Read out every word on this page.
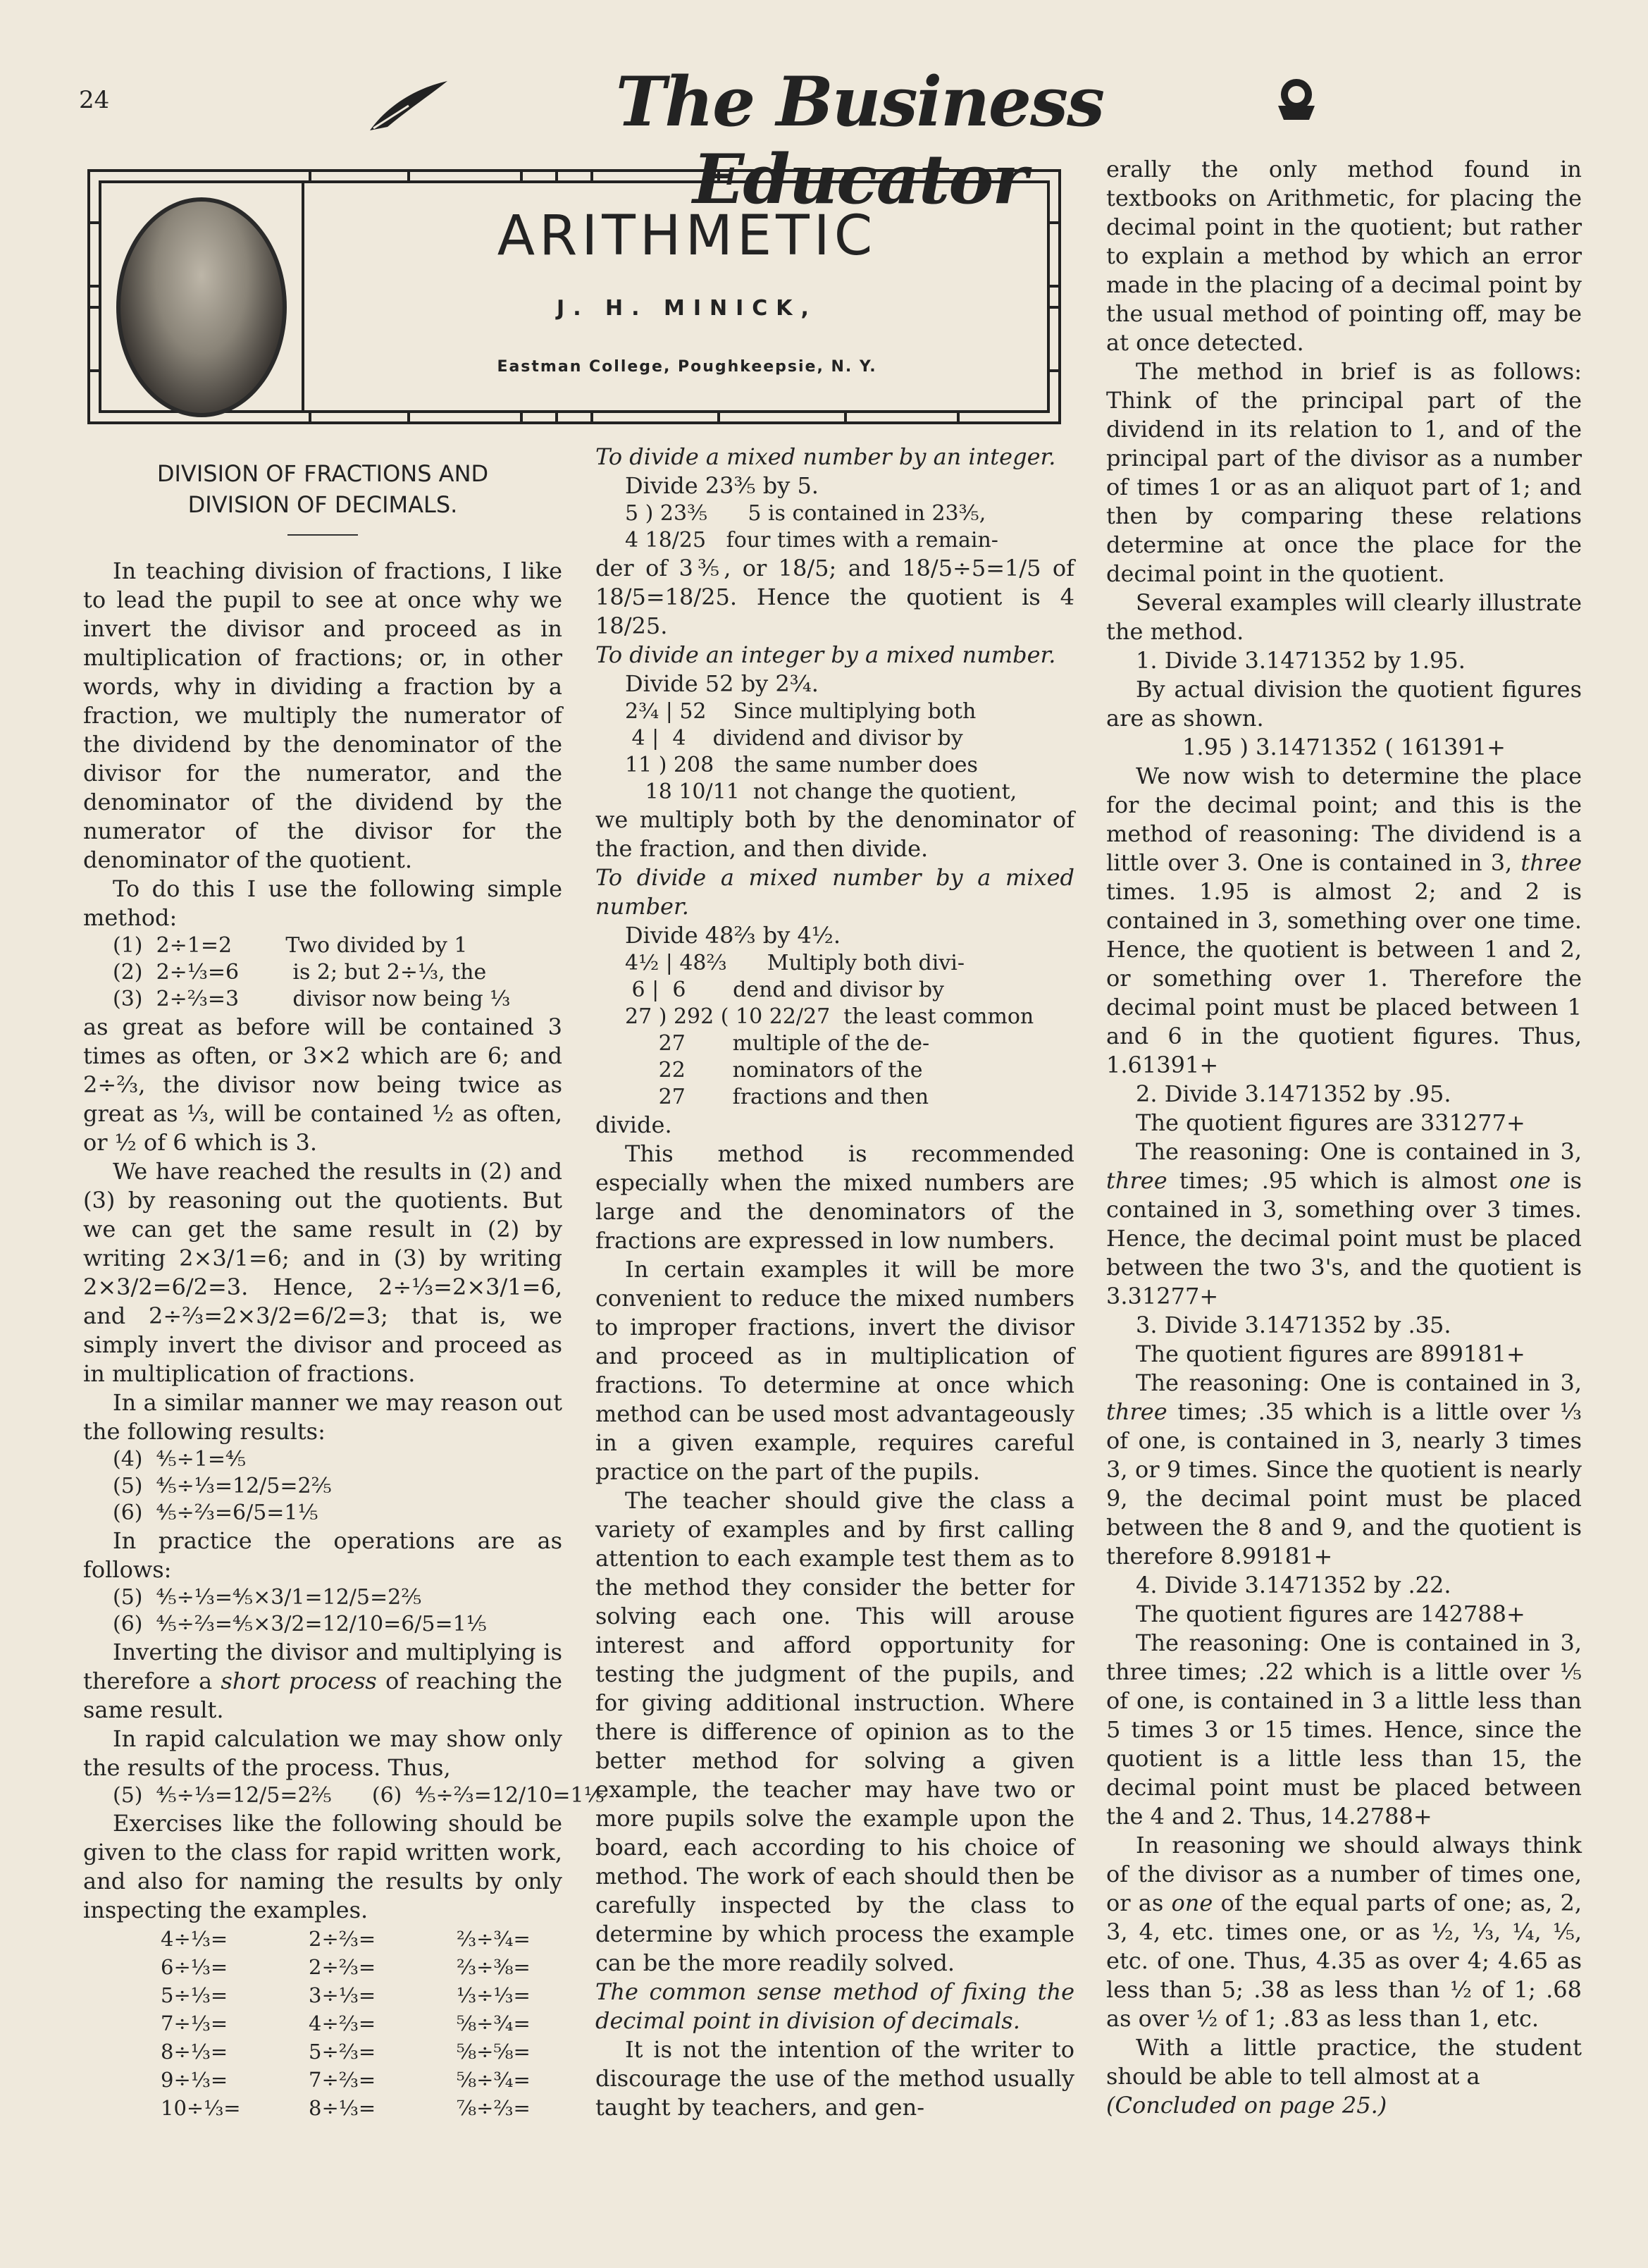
24	The Business Educator
ARITHMETIC
J. H. MINICK,
Eastman College, Poughkeepsie, N. Y.
DIVISION OF FRACTIONS AND
DIVISION OF DECIMALS.

In teaching division of fractions, I like to lead the pupil to see at once why we invert the divisor and proceed as in multiplication of fractions; or, in other words, why in dividing a fraction by a fraction, we multiply the numerator of the dividend by the denominator of the divisor for the numerator, and the denominator of the dividend by the numerator of the divisor for the denominator of the quotient.

To do this I use the following simple method:

(1)  2÷1=2        Two divided by 1

(2)  2÷⅓=6        is 2; but 2÷⅓, the

(3)  2÷⅔=3        divisor now being ⅓

as great as before will be contained 3 times as often, or 3×2 which are 6; and 2÷⅔, the divisor now being twice as great as ⅓, will be contained ½ as often, or ½ of 6 which is 3.

We have reached the results in (2) and (3) by reasoning out the quotients. But we can get the same result in (2) by writing 2×3/1=6; and in (3) by writing 2×3/2=6/2=3. Hence, 2÷⅓=2×3/1=6, and 2÷⅔=2×3/2=6/2=3; that is, we simply invert the divisor and proceed as in multiplication of fractions.

In a similar manner we may reason out the following results:

(4)  ⅘÷1=⅘

(5)  ⅘÷⅓=12/5=2⅖

(6)  ⅘÷⅔=6/5=1⅕

In practice the operations are as follows:

(5)  ⅘÷⅓=⅘×3/1=12/5=2⅖

(6)  ⅘÷⅔=⅘×3/2=12/10=6/5=1⅕

Inverting the divisor and multiplying is therefore a short process of reaching the same result.

In rapid calculation we may show only the results of the process. Thus,

(5)  ⅘÷⅓=12/5=2⅖      (6)  ⅘÷⅔=12/10=1⅕

Exercises like the following should be given to the class for rapid written work, and also for naming the results by only inspecting the examples.

4÷⅓=	2÷⅔=	⅔÷¾=
6÷⅓=	2÷⅔=	⅔÷⅜=
5÷⅓=	3÷⅓=	⅓÷⅓=
7÷⅓=	4÷⅔=	⅝÷¾=
8÷⅓=	5÷⅔=	⅝÷⅝=
9÷⅓=	7÷⅔=	⅝÷¾=
10÷⅓=	8÷⅓=	⅞÷⅔=

To divide a mixed number by an integer.

Divide 23⅗ by 5.

5 ) 23⅗      5 is contained in 23⅗,

4 18/25   four times with a remain-

der of 3⅗, or 18/5; and 18/5÷5=1/5 of 18/5=18/25. Hence the quotient is 4 18/25.

To divide an integer by a mixed number.

Divide 52 by 2¾.

2¾ | 52    Since multiplying both

4 |  4    dividend and divisor by

11 ) 208   the same number does

18 10/11  not change the quotient,

we multiply both by the denominator of the fraction, and then divide.

To divide a mixed number by a mixed number.

Divide 48⅔ by 4½.

4½ | 48⅔      Multiply both divi-

6 |  6       dend and divisor by

27 ) 292 ( 10 22/27  the least common

27       multiple of the de-

22       nominators of the

27       fractions and then

divide.

This method is recommended especially when the mixed numbers are large and the denominators of the fractions are expressed in low numbers.

In certain examples it will be more convenient to reduce the mixed numbers to improper fractions, invert the divisor and proceed as in multiplication of fractions. To determine at once which method can be used most advantageously in a given example, requires careful practice on the part of the pupils.

The teacher should give the class a variety of examples and by first calling attention to each example test them as to the method they consider the better for solving each one. This will arouse interest and afford opportunity for testing the judgment of the pupils, and for giving additional instruction. Where there is difference of opinion as to the better method for solving a given example, the teacher may have two or more pupils solve the example upon the board, each according to his choice of method. The work of each should then be carefully inspected by the class to determine by which process the example can be the more readily solved.

The common sense method of fixing the decimal point in division of decimals.

It is not the intention of the writer to discourage the use of the method usually taught by teachers, and gen-

erally the only method found in textbooks on Arithmetic, for placing the decimal point in the quotient; but rather to explain a method by which an error made in the placing of a decimal point by the usual method of pointing off, may be at once detected.

The method in brief is as follows: Think of the principal part of the dividend in its relation to 1, and of the principal part of the divisor as a number of times 1 or as an aliquot part of 1; and then by comparing these relations determine at once the place for the decimal point in the quotient.

Several examples will clearly illustrate the method.

1. Divide 3.1471352 by 1.95.

By actual division the quotient figures are as shown.

1.95 ) 3.1471352 ( 161391+

We now wish to determine the place for the decimal point; and this is the method of reasoning: The dividend is a little over 3. One is contained in 3, three times. 1.95 is almost 2; and 2 is contained in 3, something over one time. Hence, the quotient is between 1 and 2, or something over 1. Therefore the decimal point must be placed between 1 and 6 in the quotient figures. Thus, 1.61391+

2. Divide 3.1471352 by .95.

The quotient figures are 331277+

The reasoning: One is contained in 3, three times; .95 which is almost one is contained in 3, something over 3 times. Hence, the decimal point must be placed between the two 3's, and the quotient is 3.31277+

3. Divide 3.1471352 by .35.

The quotient figures are 899181+

The reasoning: One is contained in 3, three times; .35 which is a little over ⅓ of one, is contained in 3, nearly 3 times 3, or 9 times. Since the quotient is nearly 9, the decimal point must be placed between the 8 and 9, and the quotient is therefore 8.99181+

4. Divide 3.1471352 by .22.

The quotient figures are 142788+

The reasoning: One is contained in 3, three times; .22 which is a little over ⅕ of one, is contained in 3 a little less than 5 times 3 or 15 times. Hence, since the quotient is a little less than 15, the decimal point must be placed between the 4 and 2. Thus, 14.2788+

In reasoning we should always think of the divisor as a number of times one, or as one of the equal parts of one; as, 2, 3, 4, etc. times one, or as ½, ⅓, ¼, ⅕, etc. of one. Thus, 4.35 as over 4; 4.65 as less than 5; .38 as less than ½ of 1; .68 as over ½ of 1; .83 as less than 1, etc.

With a little practice, the student should be able to tell almost at a

(Concluded on page 25.)
